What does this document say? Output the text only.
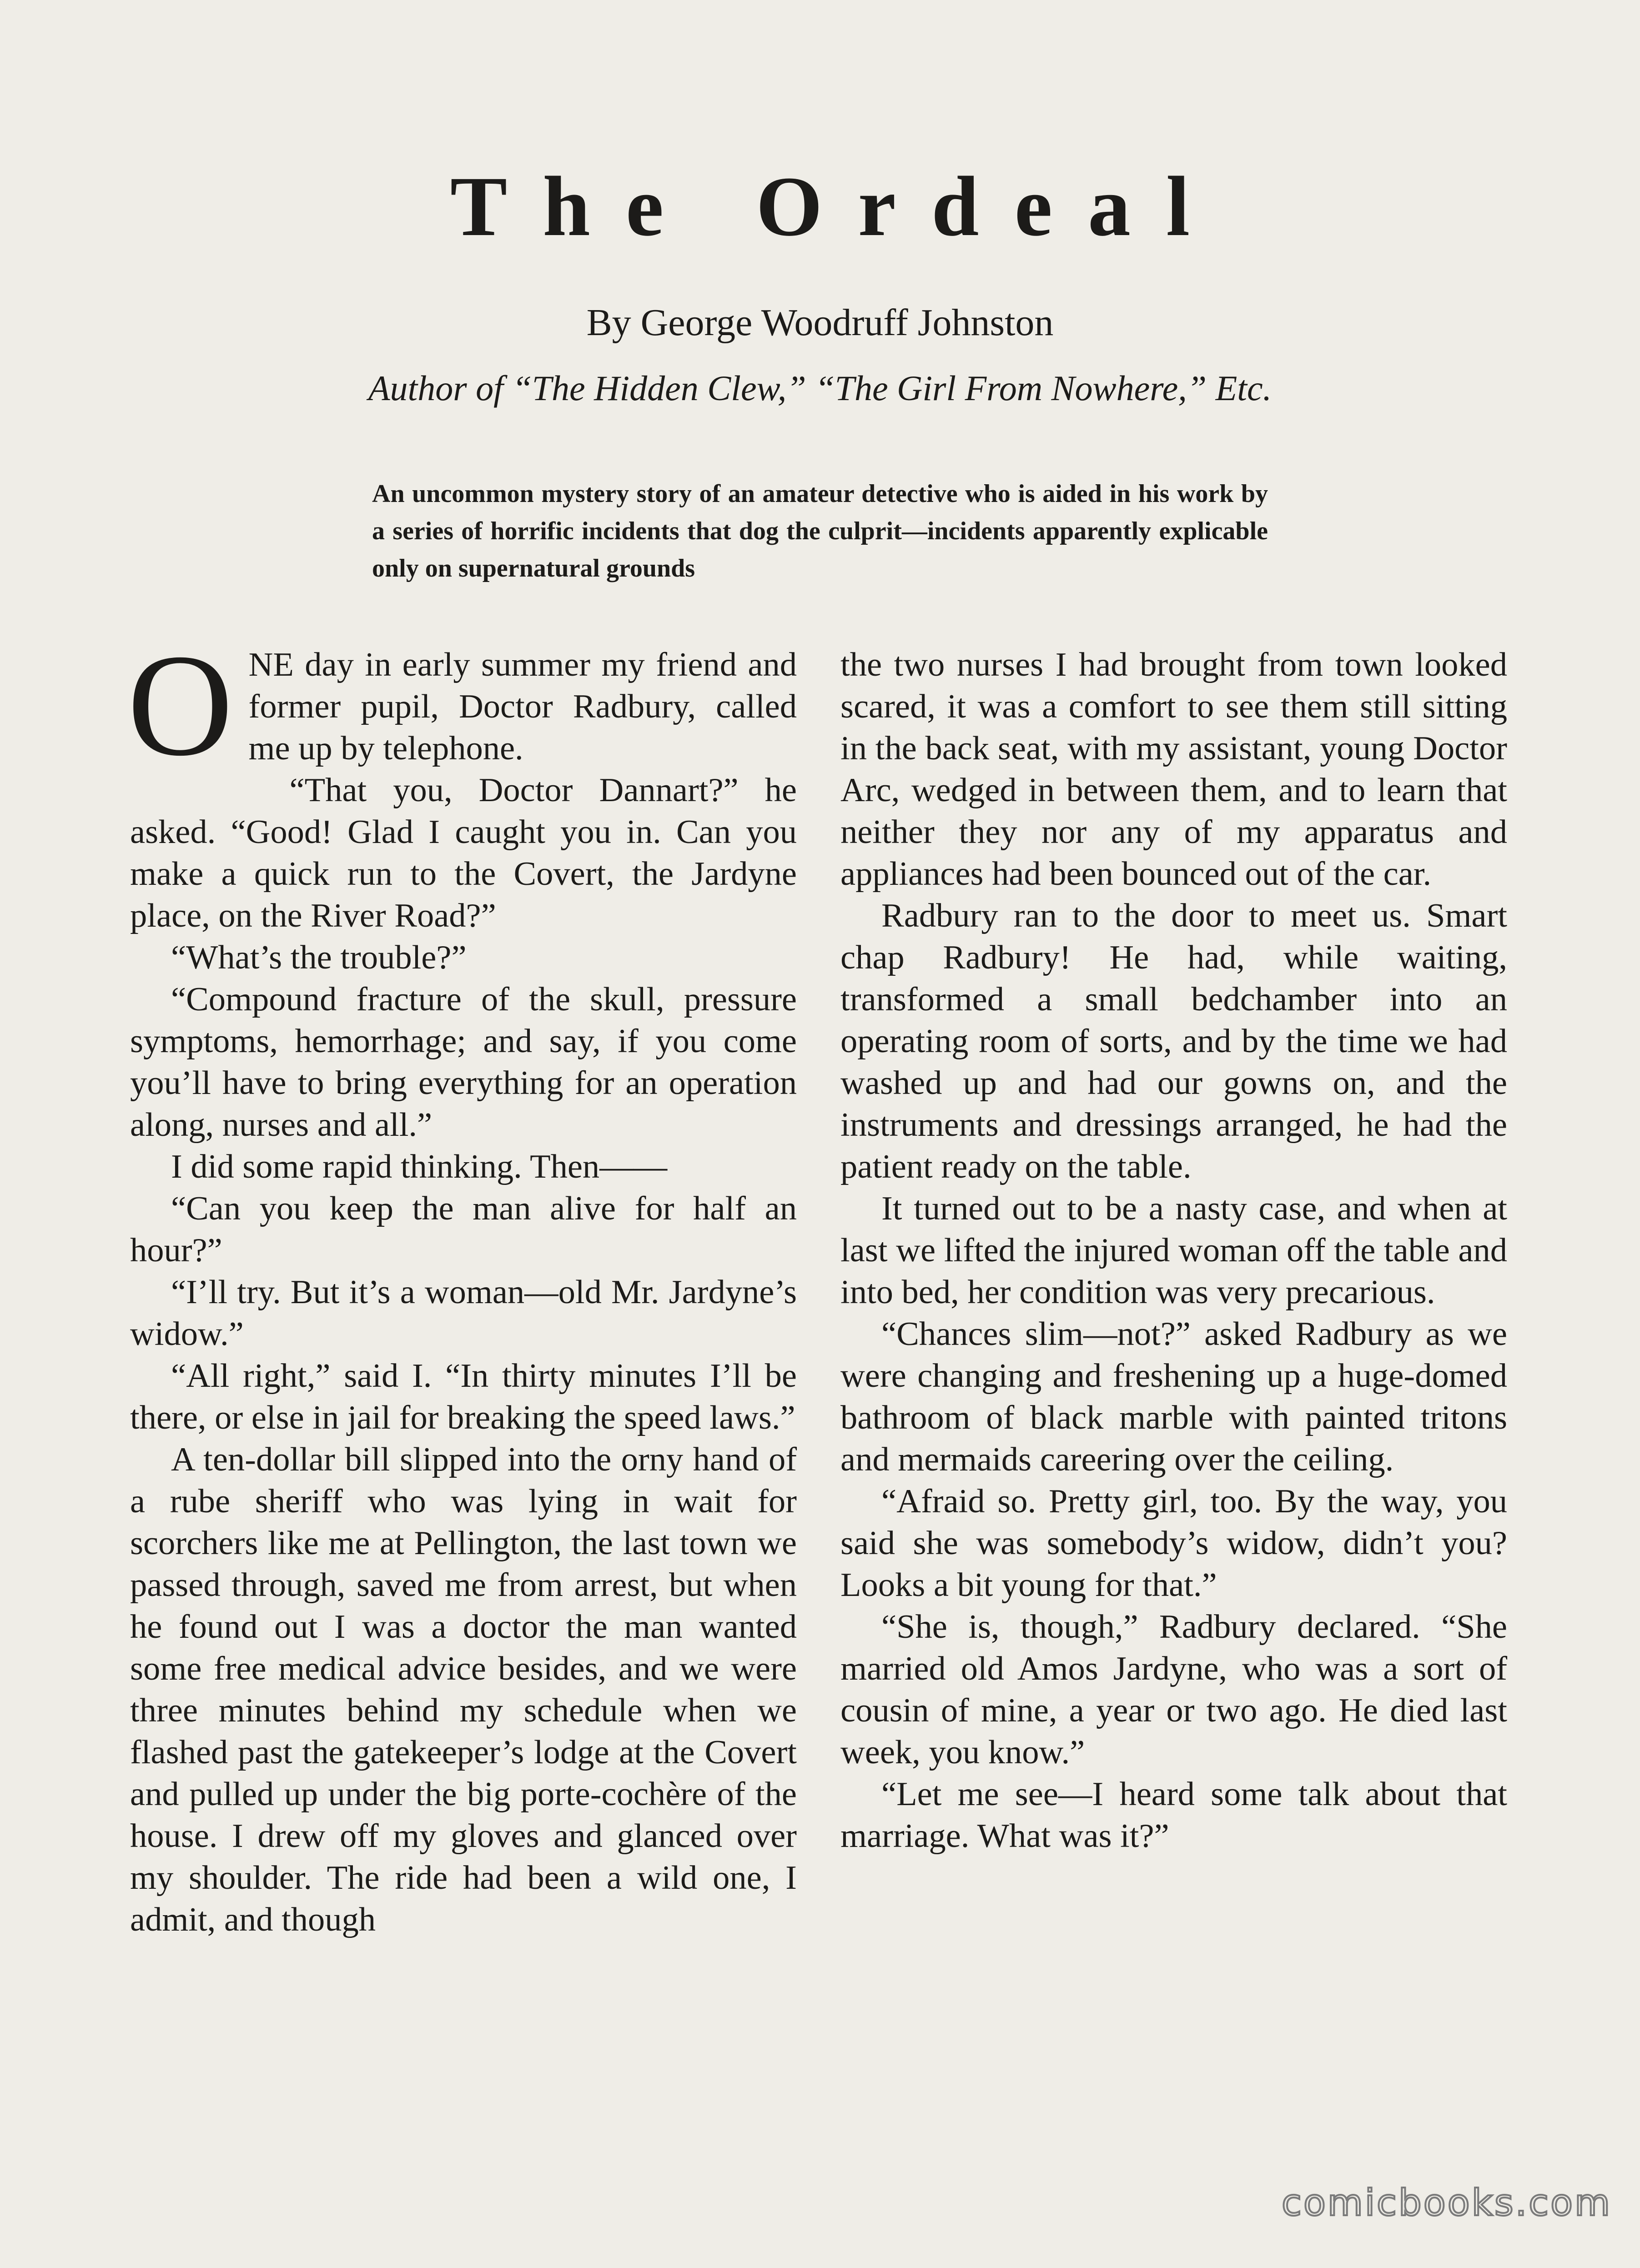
The Ordeal
By George Woodruff Johnston
Author of “The Hidden Clew,” “The Girl From Nowhere,” Etc.
An uncommon mystery story of an amateur detective who is aided in his work by a series of horrific incidents that dog the culprit—incidents apparently explicable only on supernatural grounds

ONE day in early summer my friend and former pupil, Doctor Radbury, called me up by telephone.

“That you, Doctor Dannart?” he asked. “Good! Glad I caught you in. Can you make a quick run to the Covert, the Jardyne place, on the River Road?”

“What’s the trouble?”

“Compound fracture of the skull, pressure symptoms, hemorrhage; and say, if you come you’ll have to bring everything for an operation along, nurses and all.”

I did some rapid thinking. Then——

“Can you keep the man alive for half an hour?”

“I’ll try. But it’s a woman—old Mr. Jardyne’s widow.”

“All right,” said I. “In thirty minutes I’ll be there, or else in jail for breaking the speed laws.”

A ten-dollar bill slipped into the orny hand of a rube sheriff who was lying in wait for scorchers like me at Pellington, the last town we passed through, saved me from arrest, but when he found out I was a doctor the man wanted some free medical advice besides, and we were three minutes behind my schedule when we flashed past the gatekeeper’s lodge at the Covert and pulled up under the big porte-cochère of the house. I drew off my gloves and glanced over my shoulder. The ride had been a wild one, I admit, and though

the two nurses I had brought from town looked scared, it was a comfort to see them still sitting in the back seat, with my assistant, young Doctor Arc, wedged in between them, and to learn that neither they nor any of my apparatus and appliances had been bounced out of the car.

Radbury ran to the door to meet us. Smart chap Radbury! He had, while waiting, transformed a small bedchamber into an operating room of sorts, and by the time we had washed up and had our gowns on, and the instruments and dressings arranged, he had the patient ready on the table.

It turned out to be a nasty case, and when at last we lifted the injured woman off the table and into bed, her condition was very precarious.

“Chances slim—not?” asked Radbury as we were changing and freshening up a huge-domed bathroom of black marble with painted tritons and mermaids careering over the ceiling.

“Afraid so. Pretty girl, too. By the way, you said she was somebody’s widow, didn’t you? Looks a bit young for that.”

“She is, though,” Radbury declared. “She married old Amos Jardyne, who was a sort of cousin of mine, a year or two ago. He died last week, you know.”

“Let me see—I heard some talk about that marriage. What was it?”

comicbooks.com
